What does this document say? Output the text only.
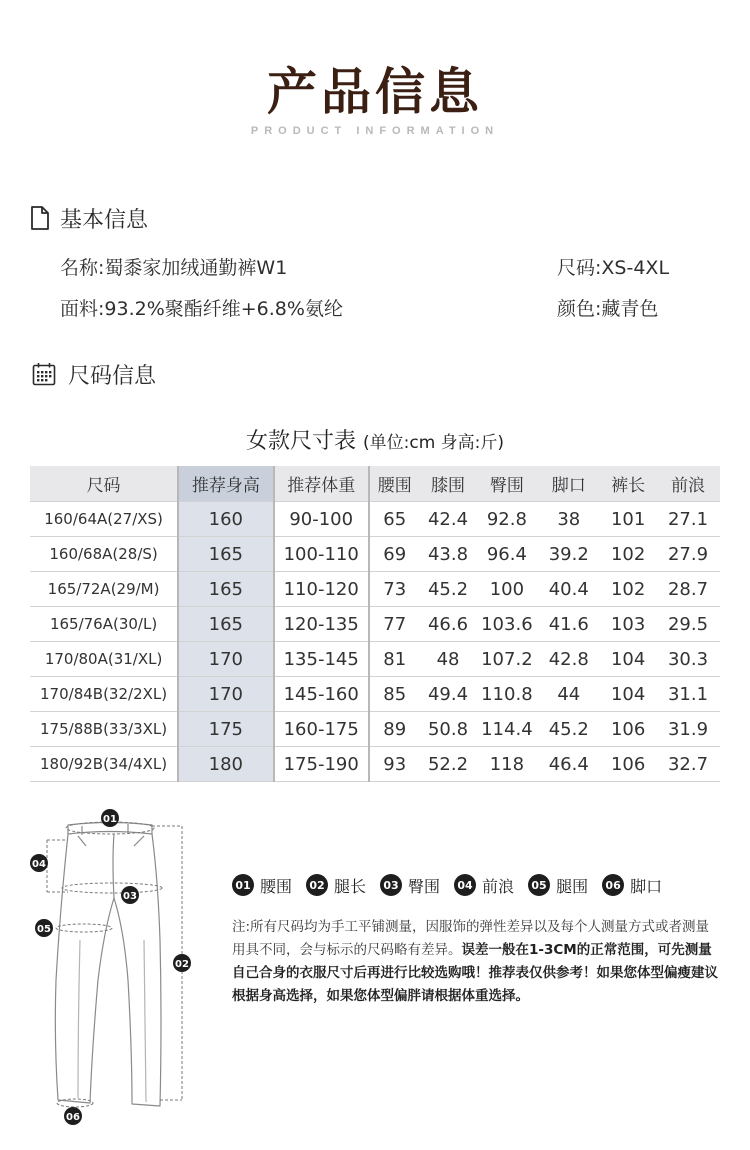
产品信息
PRODUCT INFORMATION
基本信息
名称:蜀黍家加绒通勤裤W1	尺码:XS-4XL
面料:93.2%聚酯纤维+6.8%氨纶	颜色:藏青色
尺码信息
女款尺寸表 (单位:cm 身高:斤)
尺码	推荐身高	推荐体重	腰围	膝围	臀围	脚口	裤长	前浪
160/64A(27/XS)	160	90-100	65	42.4	92.8	38	101	27.1
160/68A(28/S)	165	100-110	69	43.8	96.4	39.2	102	27.9
165/72A(29/M)	165	110-120	73	45.2	100	40.4	102	28.7
165/76A(30/L)	165	120-135	77	46.6	103.6	41.6	103	29.5
170/80A(31/XL)	170	135-145	81	48	107.2	42.8	104	30.3
170/84B(32/2XL)	170	145-160	85	49.4	110.8	44	104	31.1
175/88B(33/3XL)	175	160-175	89	50.8	114.4	45.2	106	31.9
180/92B(34/4XL)	180	175-190	93	52.2	118	46.4	106	32.7
01
02
03
04
05
06
01 腰围	02 腿长	03 臀围	04 前浪	05 腿围	06 脚口
注:所有尺码均为手工平铺测量，因服饰的弹性差异以及每个人测量方式或者测量用具不同，会与标示的尺码略有差异。误差一般在1-3CM的正常范围，可先测量自己合身的衣服尺寸后再进行比较选购哦！推荐表仅供参考！如果您体型偏瘦建议根据身高选择，如果您体型偏胖请根据体重选择。
